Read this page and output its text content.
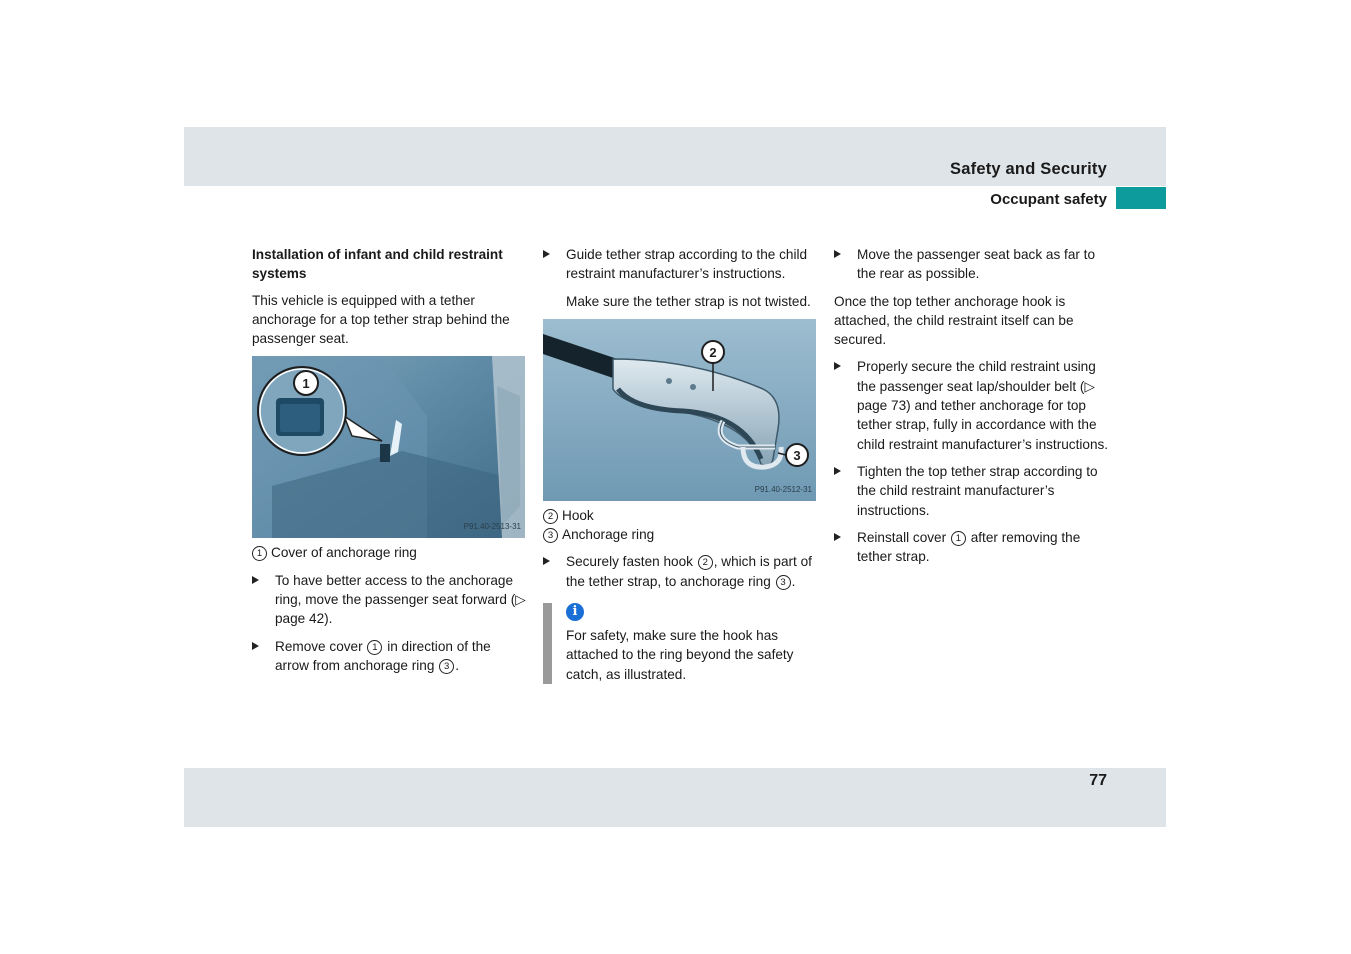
Safety and Security
Occupant safety

Installation of infant and child restraint systems

This vehicle is equipped with a tether anchorage for a top tether strap behind the passenger seat.

1
P91.40-2513-31

1 Cover of anchorage ring

To have better access to the anchorage ring, move the passenger seat forward (▷ page 42).
Remove cover 1 in direction of the arrow from anchorage ring 3 .
Guide tether strap according to the child restraint manufacturer’s instructions.

Make sure the tether strap is not twisted.

2
3
P91.40-2512-31

2 Hook

3 Anchorage ring

Securely fasten hook 2 , which is part of the tether strap, to anchorage ring 3 .
i
For safety, make sure the hook has attached to the ring beyond the safety catch, as illustrated.
Move the passenger seat back as far to the rear as possible.

Once the top tether anchorage hook is attached, the child restraint itself can be secured.

Properly secure the child restraint using the passenger seat lap/shoulder belt (▷ page 73) and tether anchorage for top tether strap, fully in accordance with the child restraint manufacturer’s instructions.
Tighten the top tether strap according to the child restraint manufacturer’s instructions.
Reinstall cover 1 after removing the tether strap.
77
